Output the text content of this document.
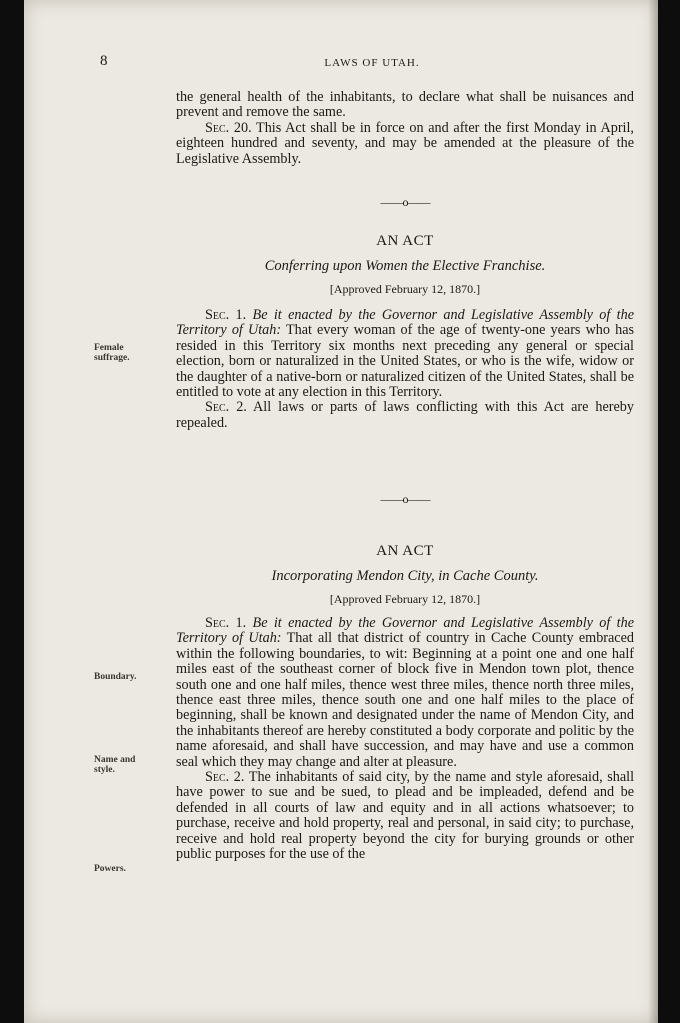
8	LAWS OF UTAH.

the general health of the inhabitants, to declare what shall be nuisances and prevent and remove the same.

Sec. 20. This Act shall be in force on and after the first Monday in April, eighteen hundred and seventy, and may be amended at the pleasure of the Legislative Assembly.

——o——

AN ACT

Conferring upon Women the Elective Franchise.

[Approved February 12, 1870.]

Sec. 1. Be it enacted by the Governor and Legislative Assembly of the Territory of Utah: That every woman of the age of twenty-one years who has resided in this Territory six months next preceding any general or special election, born or naturalized in the United States, or who is the wife, widow or the daughter of a native-born or naturalized citizen of the United States, shall be entitled to vote at any election in this Territory.

Sec. 2. All laws or parts of laws conflicting with this Act are hereby repealed.

Female suffrage.

——o——

AN ACT

Incorporating Mendon City, in Cache County.

[Approved February 12, 1870.]

Sec. 1. Be it enacted by the Governor and Legislative Assembly of the Territory of Utah: That all that district of country in Cache County embraced within the following boundaries, to wit: Beginning at a point one and one half miles east of the southeast corner of block five in Mendon town plot, thence south one and one half miles, thence west three miles, thence north three miles, thence east three miles, thence south one and one half miles to the place of beginning, shall be known and designated under the name of Mendon City, and the inhabitants thereof are hereby constituted a body corporate and politic by the name aforesaid, and shall have succession, and may have and use a common seal which they may change and alter at pleasure.

Sec. 2. The inhabitants of said city, by the name and style aforesaid, shall have power to sue and be sued, to plead and be impleaded, defend and be defended in all courts of law and equity and in all actions whatsoever; to purchase, receive and hold property, real and personal, in said city; to purchase, receive and hold real property beyond the city for burying grounds or other public purposes for the use of the

Boundary.
Name and style.
Powers.
